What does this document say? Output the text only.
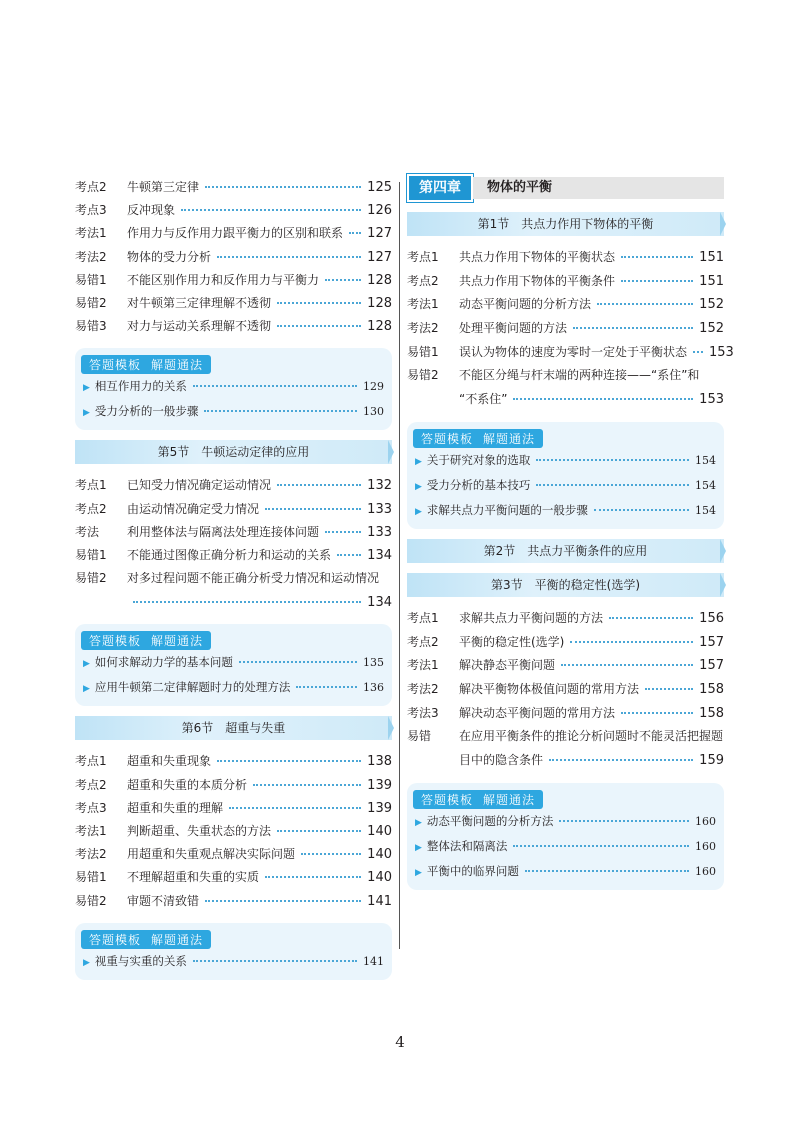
考点2	牛顿第三定律	125
考点3	反冲现象	126
考法1	作用力与反作用力跟平衡力的区别和联系 127
考法2	物体的受力分析	127
易错1	不能区别作用力和反作用力与平衡力	128
易错2	对牛顿第三定律理解不透彻	128
易错3	对力与运动关系理解不透彻	128
答题模板 解题通法
▶ 相互作用力的关系	129
▶ 受力分析的一般步骤	130
第5节　牛顿运动定律的应用
考点1	已知受力情况确定运动情况	132
考点2	由运动情况确定受力情况	133
考法	利用整体法与隔离法处理连接体问题	133
易错1	不能通过图像正确分析力和运动的关系	134
易错2	对多过程问题不能正确分析受力情况和运动情况
134
答题模板 解题通法
▶ 如何求解动力学的基本问题	135
▶ 应用牛顿第二定律解题时力的处理方法	136
第6节　超重与失重
考点1	超重和失重现象	138
考点2	超重和失重的本质分析	139
考点3	超重和失重的理解	139
考法1	判断超重、失重状态的方法	140
考法2	用超重和失重观点解决实际问题	140
易错1	不理解超重和失重的实质	140
易错2	审题不清致错	141
答题模板 解题通法
▶ 视重与实重的关系	141
第四章	物体的平衡
第1节　共点力作用下物体的平衡
考点1	共点力作用下物体的平衡状态	151
考点2	共点力作用下物体的平衡条件	151
考法1	动态平衡问题的分析方法	152
考法2	处理平衡问题的方法	152
易错1	误认为物体的速度为零时一定处于平衡状态 153
易错2	不能区分绳与杆末端的两种连接——“系住”和
“不系住”	153
答题模板 解题通法
▶ 关于研究对象的选取	154
▶ 受力分析的基本技巧	154
▶ 求解共点力平衡问题的一般步骤	154
第2节　共点力平衡条件的应用
第3节　平衡的稳定性(选学)
考点1	求解共点力平衡问题的方法	156
考点2	平衡的稳定性(选学)	157
考法1	解决静态平衡问题	157
考法2	解决平衡物体极值问题的常用方法	158
考法3	解决动态平衡问题的常用方法	158
易错	在应用平衡条件的推论分析问题时不能灵活把握题
目中的隐含条件	159
答题模板 解题通法
▶ 动态平衡问题的分析方法	160
▶ 整体法和隔离法	160
▶ 平衡中的临界问题	160
4
